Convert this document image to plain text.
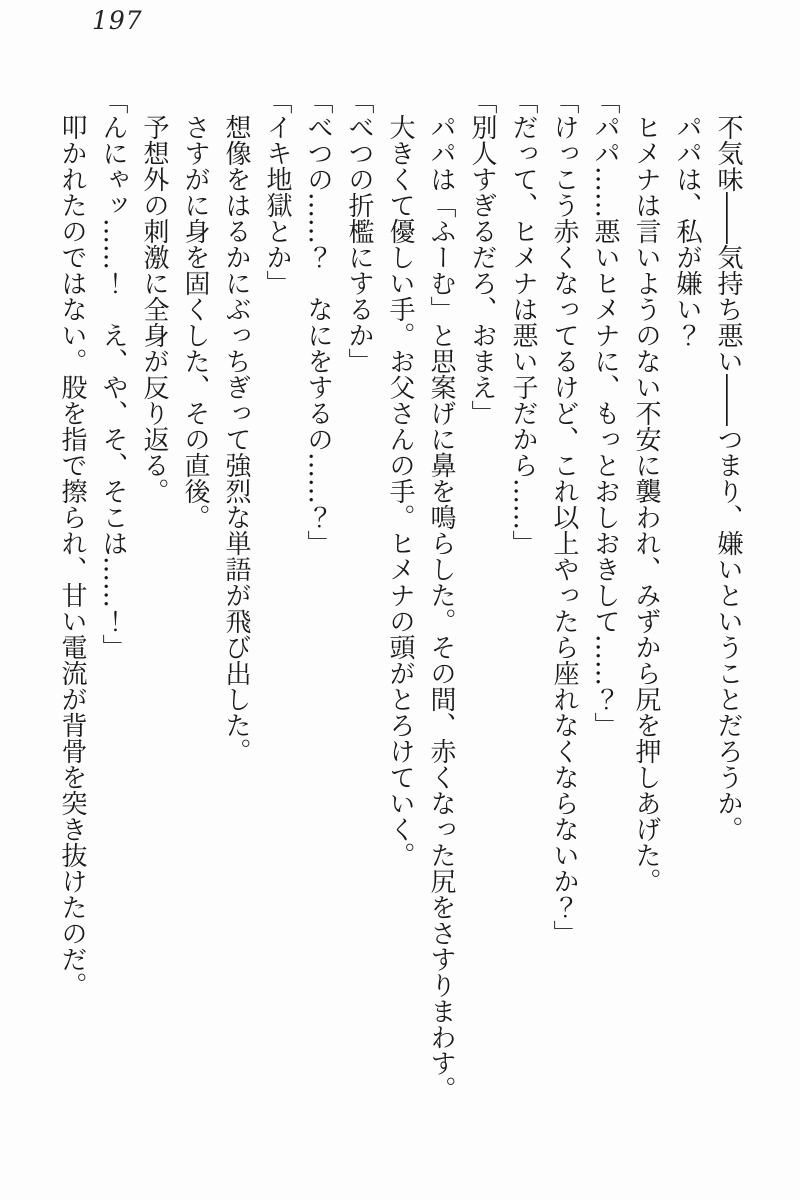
197

不気味――気持ち悪い――つまり、嫌いということだろうか。

パパは、私が嫌い？

ヒメナは言いようのない不安に襲われ、みずから尻を押しあげた。

「パパ……悪いヒメナに、もっとおしおきして……？」

「けっこう赤くなってるけど、これ以上やったら座れなくならないか？」

「だって、ヒメナは悪い子だから……」

「別人すぎるだろ、おまえ」

パパは「ふーむ」と思案げに鼻を鳴らした。その間、赤くなった尻をさすりまわす。

大きくて優しい手。お父さんの手。ヒメナの頭がとろけていく。

「べつの折檻にするか」

「べつの……？　なにをするの……？」

「イキ地獄とか」

想像をはるかにぶっちぎって強烈な単語が飛び出した。

さすがに身を固くした、その直後。

予想外の刺激に全身が反り返る。

「んにゃッ……！　え、や、そ、そこは……！」

叩かれたのではない。股を指で擦られ、甘い電流が背骨を突き抜けたのだ。
